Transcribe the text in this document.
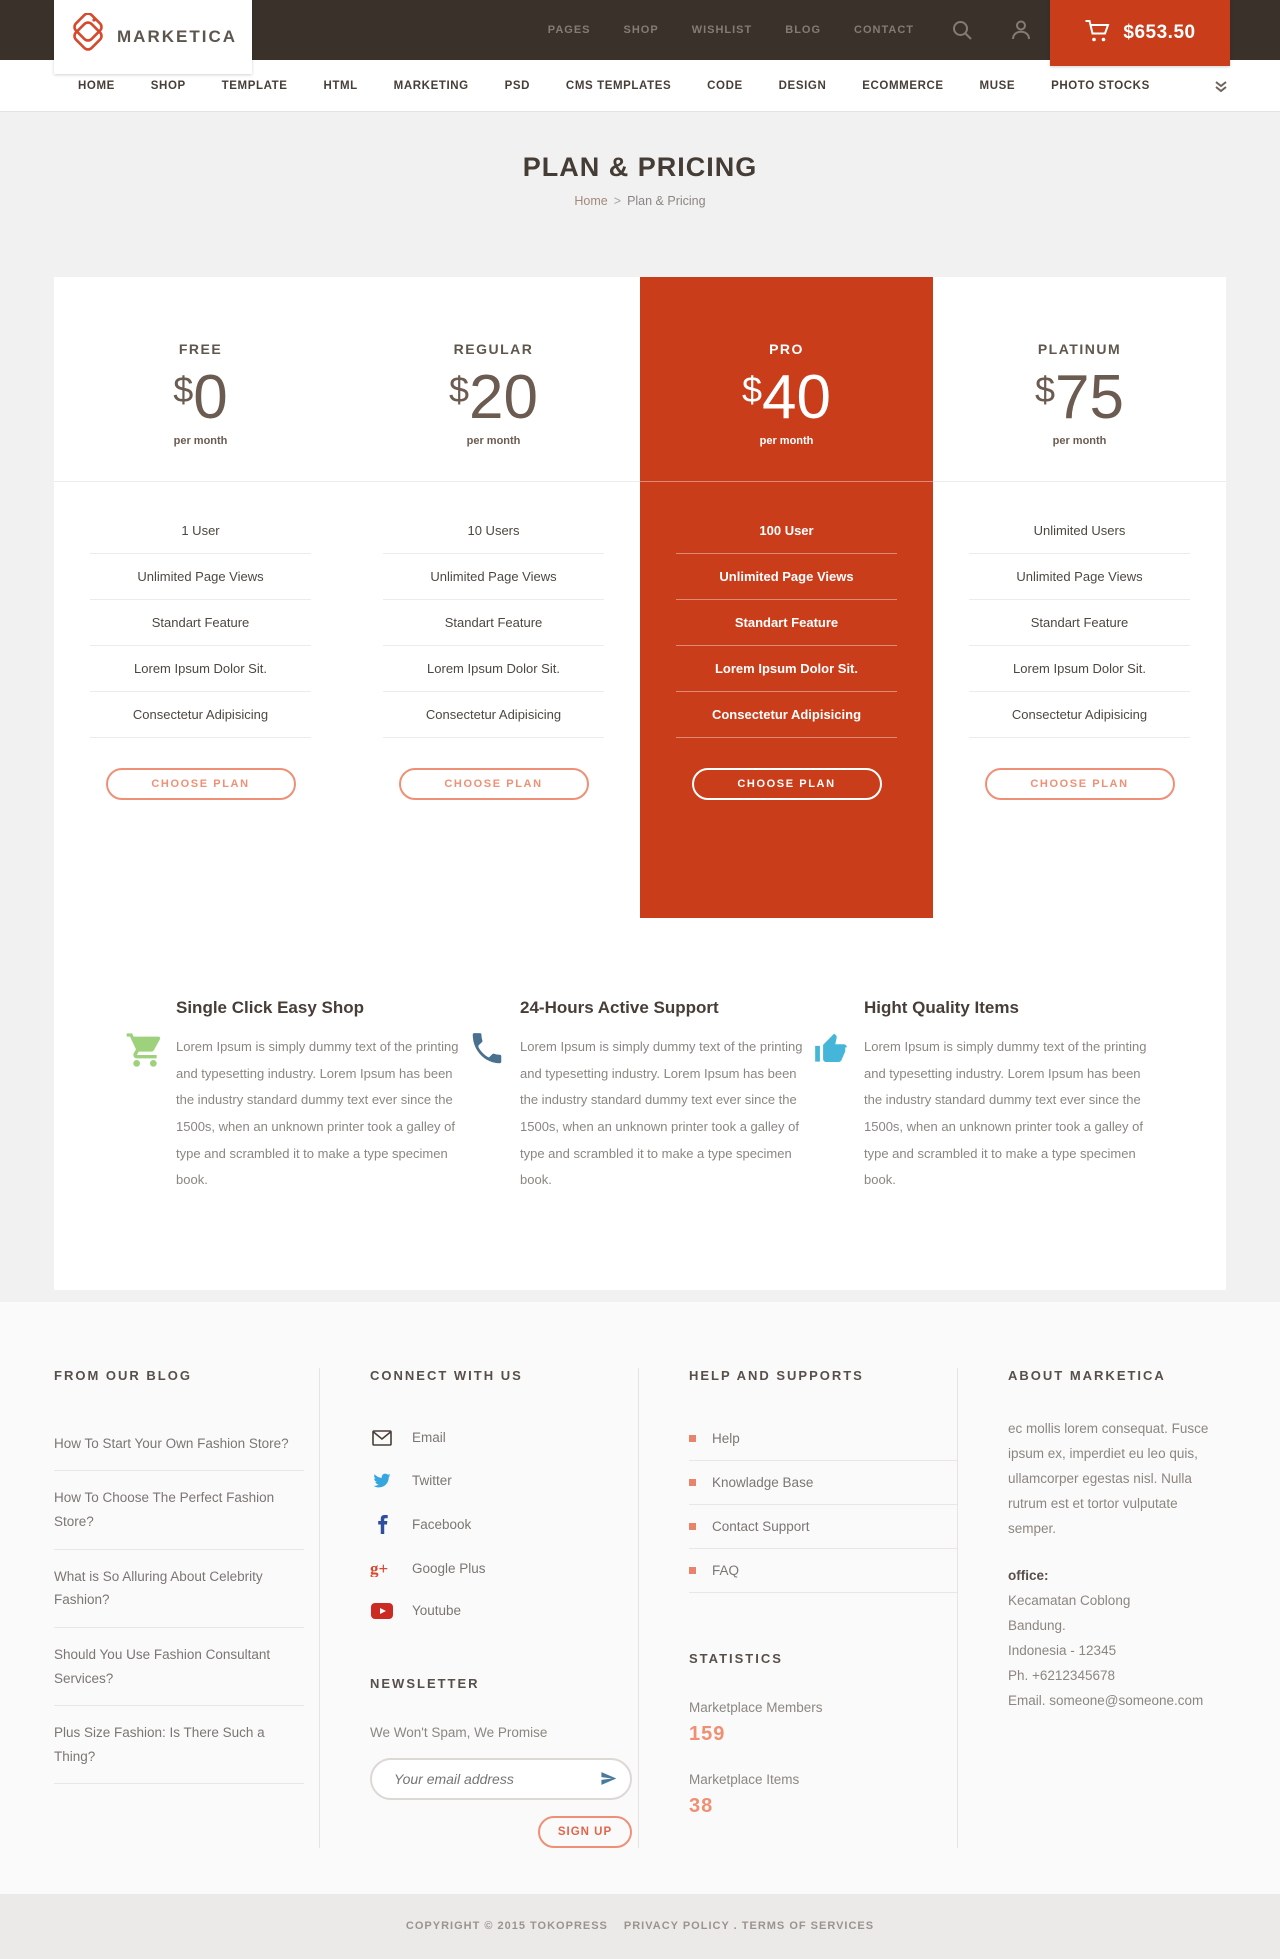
MARKETICA	PAGES	SHOP	WISHLIST	BLOG	CONTACT	$653.50
HOME	SHOP	TEMPLATE	HTML	MARKETING	PSD	CMS TEMPLATES	CODE	DESIGN	ECOMMERCE	MUSE	PHOTO STOCKS
PLAN & PRICING
Home > Plan & Pricing
FREE
$0
per month
1 User
Unlimited Page Views
Standart Feature
Lorem Ipsum Dolor Sit.
Consectetur Adipisicing
CHOOSE PLAN
REGULAR
$20
per month
10 Users
Unlimited Page Views
Standart Feature
Lorem Ipsum Dolor Sit.
Consectetur Adipisicing
CHOOSE PLAN
PRO
$40
per month
100 User
Unlimited Page Views
Standart Feature
Lorem Ipsum Dolor Sit.
Consectetur Adipisicing
CHOOSE PLAN
PLATINUM
$75
per month
Unlimited Users
Unlimited Page Views
Standart Feature
Lorem Ipsum Dolor Sit.
Consectetur Adipisicing
CHOOSE PLAN
Single Click Easy Shop

Lorem Ipsum is simply dummy text of the printing and typesetting industry. Lorem Ipsum has been the industry standard dummy text ever since the 1500s, when an unknown printer took a galley of type and scrambled it to make a type specimen book.

24-Hours Active Support

Lorem Ipsum is simply dummy text of the printing and typesetting industry. Lorem Ipsum has been the industry standard dummy text ever since the 1500s, when an unknown printer took a galley of type and scrambled it to make a type specimen book.

Hight Quality Items

Lorem Ipsum is simply dummy text of the printing and typesetting industry. Lorem Ipsum has been the industry standard dummy text ever since the 1500s, when an unknown printer took a galley of type and scrambled it to make a type specimen book.

FROM OUR BLOG
How To Start Your Own Fashion Store?
How To Choose The Perfect Fashion Store?
What is So Alluring About Celebrity Fashion?
Should You Use Fashion Consultant Services?
Plus Size Fashion: Is There Such a Thing?
CONNECT WITH US
Email
Twitter
Facebook
g+ Google Plus
Youtube
NEWSLETTER
We Won't Spam, We Promise
Your email address
SIGN UP
HELP AND SUPPORTS
Help
Knowladge Base
Contact Support
FAQ
STATISTICS
Marketplace Members
159
Marketplace Items
38
ABOUT MARKETICA

ec mollis lorem consequat. Fusce ipsum ex, imperdiet eu leo quis, ullamcorper egestas nisl. Nulla rutrum est et tortor vulputate semper.

office:
Kecamatan Coblong
Bandung.
Indonesia - 12345
Ph. +6212345678
Email. someone@someone.com
COPYRIGHT © 2015 TOKOPRESS PRIVACY POLICY . TERMS OF SERVICES
